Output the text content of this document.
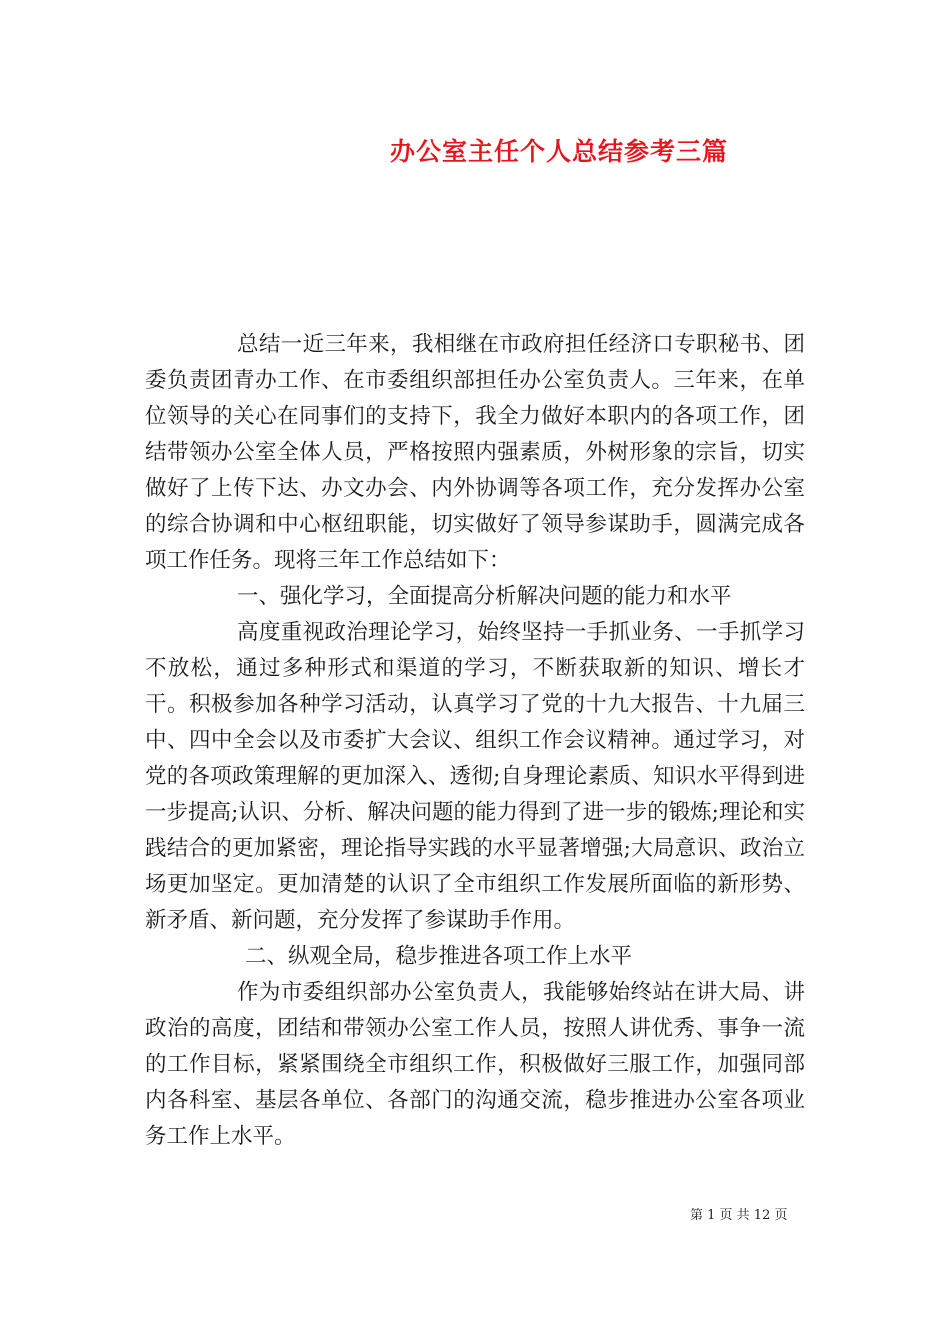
办公室主任个人总结参考三篇

总结一近三年来，我相继在市政府担任经济口专职秘书、团委负责团青办工作、在市委组织部担任办公室负责人。三年来，在单位领导的关心在同事们的支持下，我全力做好本职内的各项工作，团结带领办公室全体人员，严格按照内强素质，外树形象的宗旨，切实做好了上传下达、办文办会、内外协调等各项工作，充分发挥办公室的综合协调和中心枢纽职能，切实做好了领导参谋助手，圆满完成各项工作任务。现将三年工作总结如下：

一、强化学习，全面提高分析解决问题的能力和水平

高度重视政治理论学习，始终坚持一手抓业务、一手抓学习不放松，通过多种形式和渠道的学习，不断获取新的知识、增长才干。积极参加各种学习活动，认真学习了党的十九大报告、十九届三中、四中全会以及市委扩大会议、组织工作会议精神。通过学习，对党的各项政策理解的更加深入、透彻;自身理论素质、知识水平得到进一步提高;认识、分析、解决问题的能力得到了进一步的锻炼;理论和实践结合的更加紧密，理论指导实践的水平显著增强;大局意识、政治立场更加坚定。更加清楚的认识了全市组织工作发展所面临的新形势、新矛盾、新问题，充分发挥了参谋助手作用。

二、纵观全局，稳步推进各项工作上水平

作为市委组织部办公室负责人，我能够始终站在讲大局、讲政治的高度，团结和带领办公室工作人员，按照人讲优秀、事争一流的工作目标，紧紧围绕全市组织工作，积极做好三服工作，加强同部内各科室、基层各单位、各部门的沟通交流，稳步推进办公室各项业务工作上水平。

第 1 页 共 12 页
